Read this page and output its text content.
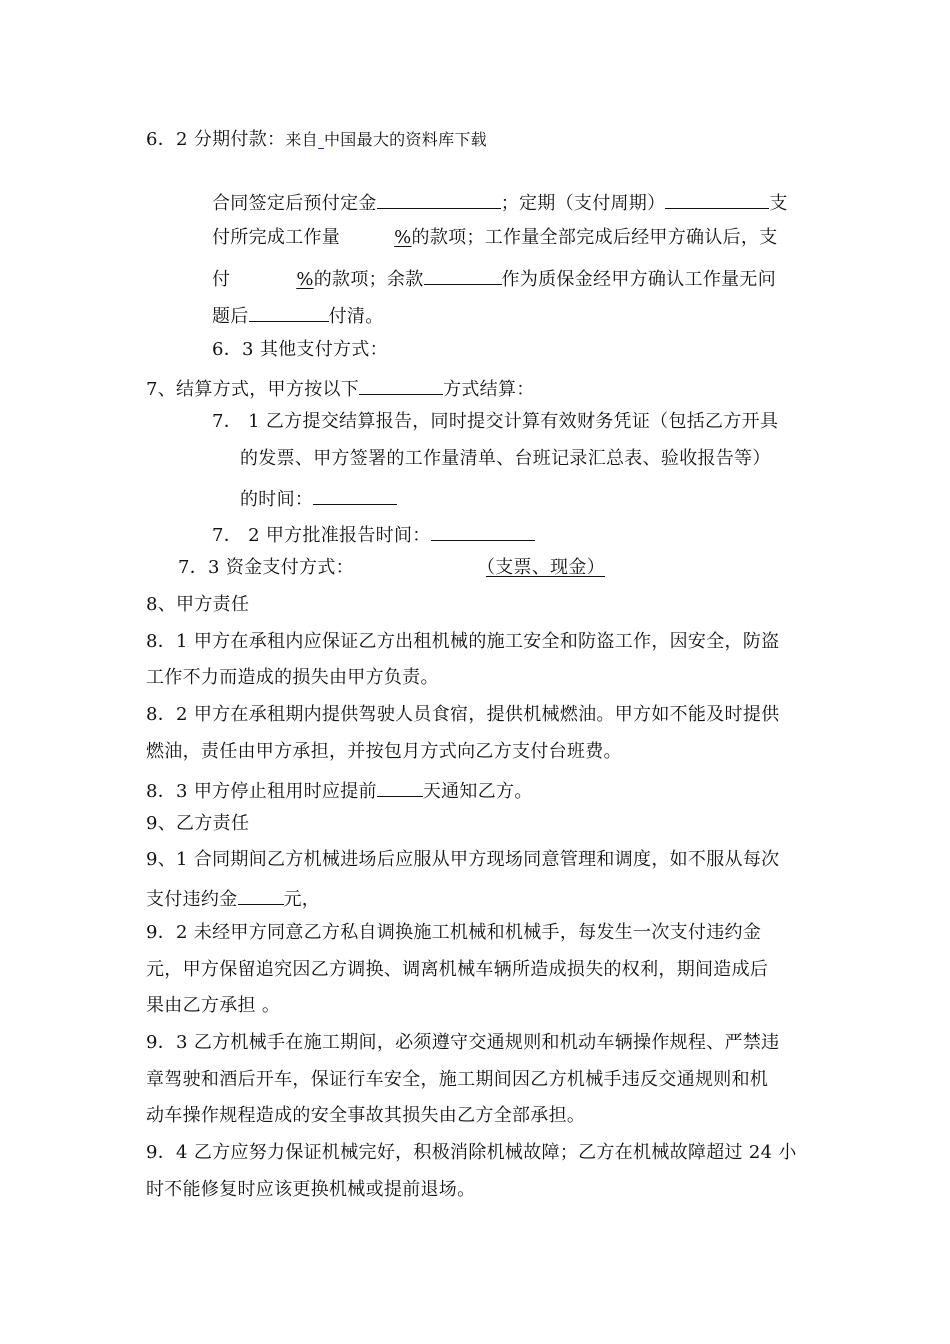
6．2 分期付款：来自 中国最大的资料库下载
合同签定后预付定金	；定期（支付周期）	支
付所完成工作量	%的款项；工作量全部完成后经甲方确认后，支
付	%的款项；余款	作为质保金经甲方确认工作量无问
题后	付清。
6．3 其他支付方式：
7、结算方式，甲方按以下	方式结算：
7． 1 乙方提交结算报告，同时提交计算有效财务凭证（包括乙方开具
的发票、甲方签署的工作量清单、台班记录汇总表、验收报告等）
的时间：
7． 2 甲方批准报告时间：
7．3 资金支付方式：	（支票、现金）
8、甲方责任
8．1 甲方在承租内应保证乙方出租机械的施工安全和防盗工作，因安全，防盗
工作不力而造成的损失由甲方负责。
8．2 甲方在承租期内提供驾驶人员食宿，提供机械燃油。甲方如不能及时提供
燃油，责任由甲方承担，并按包月方式向乙方支付台班费。
8．3 甲方停止租用时应提前	天通知乙方。
9、乙方责任
9、1 合同期间乙方机械进场后应服从甲方现场同意管理和调度，如不服从每次
支付违约金	元，
9．2 未经甲方同意乙方私自调换施工机械和机械手，每发生一次支付违约金
元，甲方保留追究因乙方调换、调离机械车辆所造成损失的权利，期间造成后
果由乙方承担 。
9．3 乙方机械手在施工期间，必须遵守交通规则和机动车辆操作规程、严禁违
章驾驶和酒后开车，保证行车安全，施工期间因乙方机械手违反交通规则和机
动车操作规程造成的安全事故其损失由乙方全部承担。
9．4 乙方应努力保证机械完好，积极消除机械故障；乙方在机械故障超过 24 小
时不能修复时应该更换机械或提前退场。
